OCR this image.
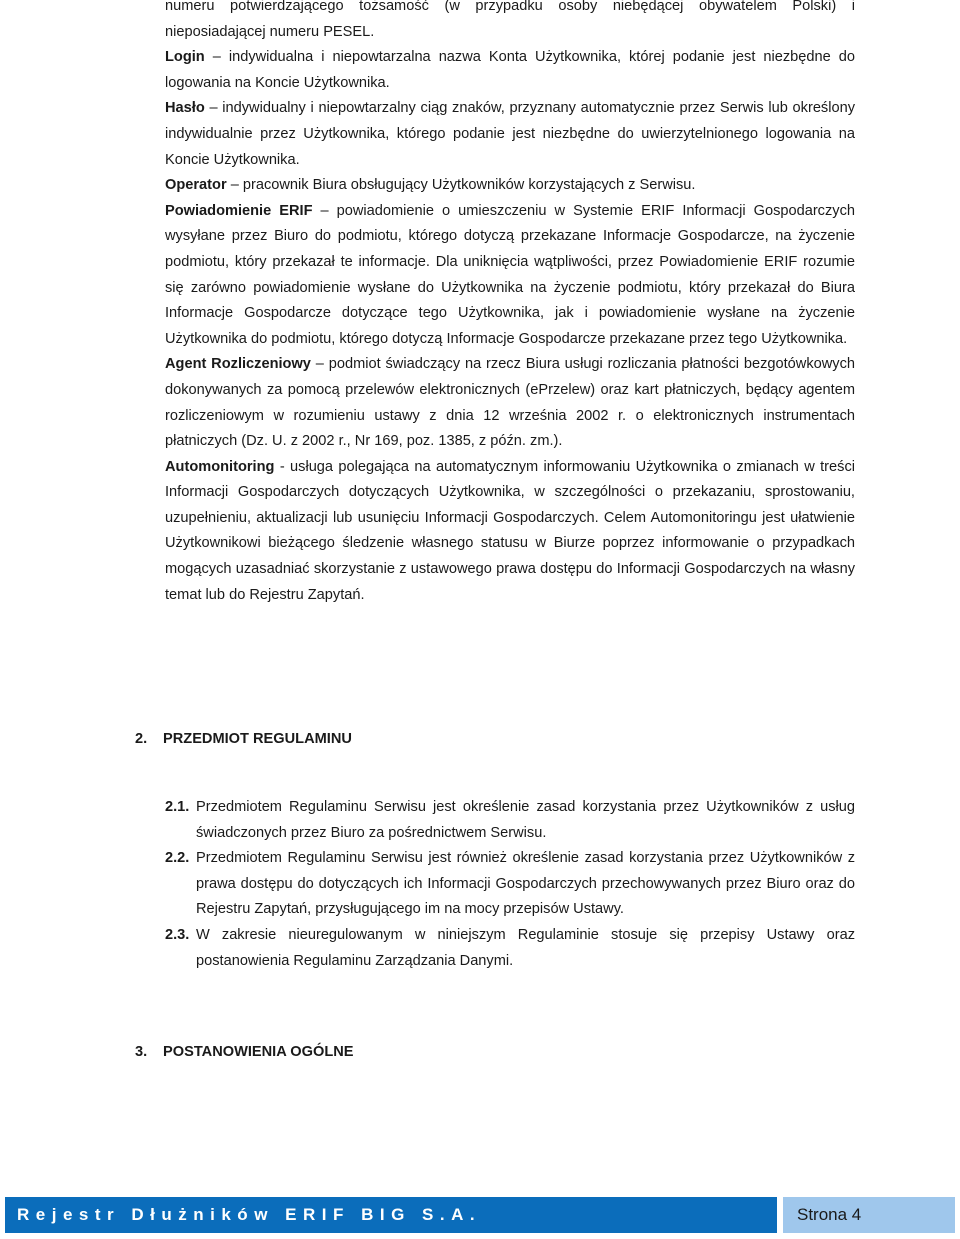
numeru potwierdzającego tożsamość (w przypadku osoby niebędącej obywatelem Polski) i nieposiadającej numeru PESEL.

Login – indywidualna i niepowtarzalna nazwa Konta Użytkownika, której podanie jest niezbędne do logowania na Koncie Użytkownika.

Hasło – indywidualny i niepowtarzalny ciąg znaków, przyznany automatycznie przez Serwis lub określony indywidualnie przez Użytkownika, którego podanie jest niezbędne do uwierzytelnionego logowania na Koncie Użytkownika.

Operator – pracownik Biura obsługujący Użytkowników korzystających z Serwisu.

Powiadomienie ERIF – powiadomienie o umieszczeniu w Systemie ERIF Informacji Gospodarczych wysyłane przez Biuro do podmiotu, którego dotyczą przekazane Informacje Gospodarcze, na życzenie podmiotu, który przekazał te informacje. Dla uniknięcia wątpliwości, przez Powiadomienie ERIF rozumie się zarówno powiadomienie wysłane do Użytkownika na życzenie podmiotu, który przekazał do Biura Informacje Gospodarcze dotyczące tego Użytkownika, jak i powiadomienie wysłane na życzenie Użytkownika do podmiotu, którego dotyczą Informacje Gospodarcze przekazane przez tego Użytkownika.

Agent Rozliczeniowy – podmiot świadczący na rzecz Biura usługi rozliczania płatności bezgotówkowych dokonywanych za pomocą przelewów elektronicznych (ePrzelew) oraz kart płatniczych, będący agentem rozliczeniowym w rozumieniu ustawy z dnia 12 września 2002 r. o elektronicznych instrumentach płatniczych (Dz. U. z 2002 r., Nr 169, poz. 1385, z późn. zm.).

Automonitoring - usługa polegająca na automatycznym informowaniu Użytkownika o zmianach w treści Informacji Gospodarczych dotyczących Użytkownika, w szczególności o przekazaniu, sprostowaniu, uzupełnieniu, aktualizacji lub usunięciu Informacji Gospodarczych. Celem Automonitoringu jest ułatwienie Użytkownikowi bieżącego śledzenie własnego statusu w Biurze poprzez informowanie o przypadkach mogących uzasadniać skorzystanie z ustawowego prawa dostępu do Informacji Gospodarczych na własny temat lub do Rejestru Zapytań.

2.	PRZEDMIOT REGULAMINU
2.1. Przedmiotem Regulaminu Serwisu jest określenie zasad korzystania przez Użytkowników z usług świadczonych przez Biuro za pośrednictwem Serwisu.
2.2. Przedmiotem Regulaminu Serwisu jest również określenie zasad korzystania przez Użytkowników z prawa dostępu do dotyczących ich Informacji Gospodarczych przechowywanych przez Biuro oraz do Rejestru Zapytań, przysługującego im na mocy przepisów Ustawy.
2.3. W zakresie nieuregulowanym w niniejszym Regulaminie stosuje się przepisy Ustawy oraz postanowienia Regulaminu Zarządzania Danymi.
3.	POSTANOWIENIA OGÓLNE
Rejestr Dłużników ERIF BIG S.A.	Strona 4
